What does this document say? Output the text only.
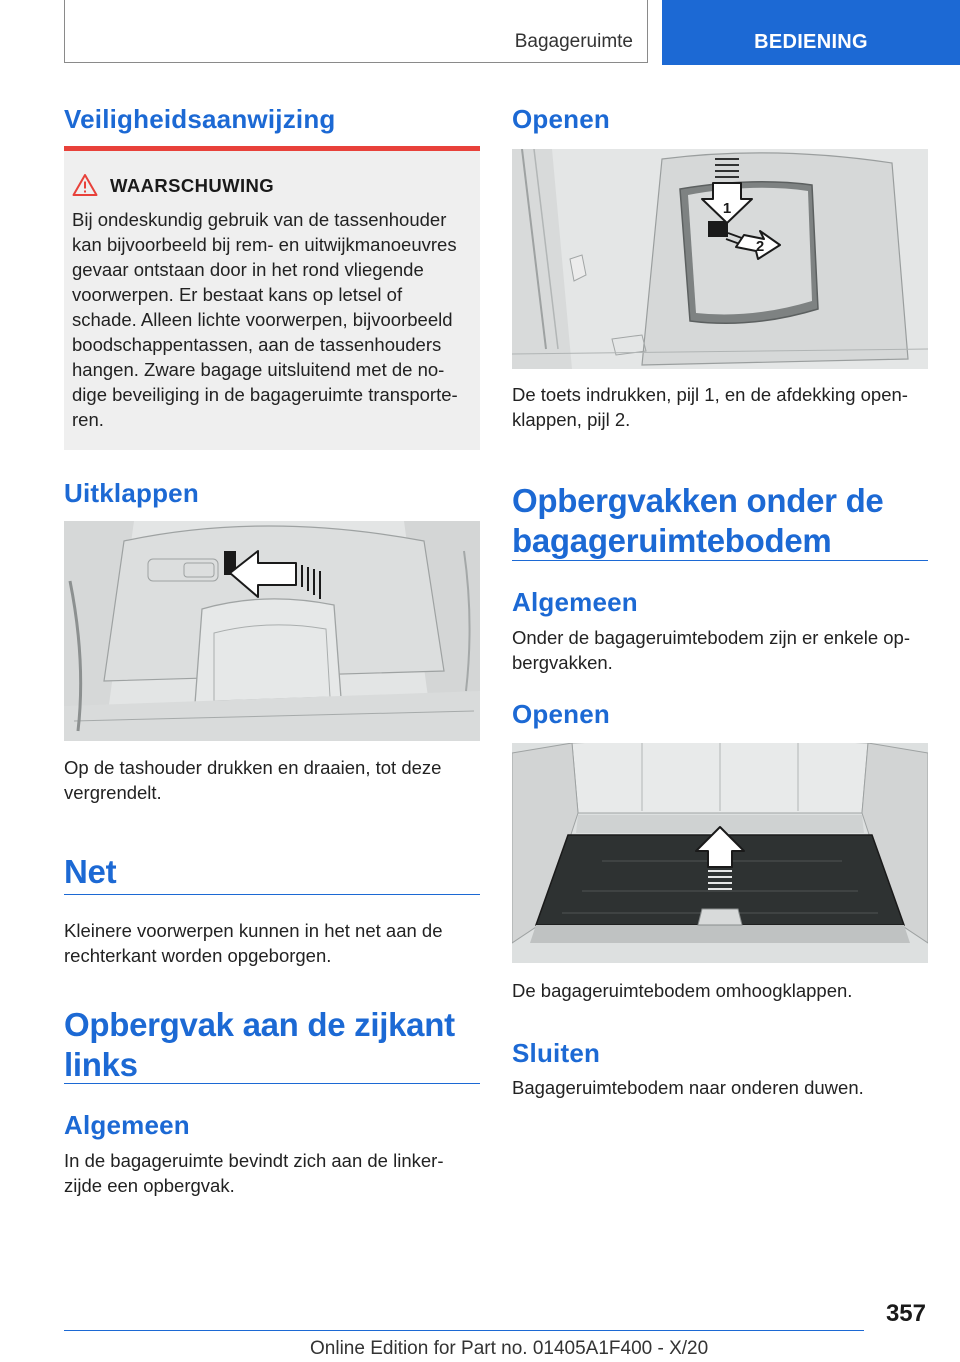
Bagageruimte	BEDIENING
Veiligheidsaanwijzing
WAARSCHUWING
Bij ondeskundig gebruik van de tassenhouder
kan bijvoorbeeld bij rem- en uitwijkmanoeuvres
gevaar ontstaan door in het rond vliegende
voorwerpen. Er bestaat kans op letsel of
schade. Alleen lichte voorwerpen, bijvoorbeeld
boodschappentassen, aan de tassenhouders
hangen. Zware bagage uitsluitend met de no-
dige beveiliging in de bagageruimte transporte-
ren.
Uitklappen
Op de tashouder drukken en draaien, tot deze
vergrendelt.
Net
Kleinere voorwerpen kunnen in het net aan de
rechterkant worden opgeborgen.
Opbergvak aan de zijkant
links
Algemeen
In de bagageruimte bevindt zich aan de linker-
zijde een opbergvak.
Openen
1
2
De toets indrukken, pijl 1, en de afdekking open-
klappen, pijl 2.
Opbergvakken onder de
bagageruimtebodem
Algemeen
Onder de bagageruimtebodem zijn er enkele op-
bergvakken.
Openen
De bagageruimtebodem omhoogklappen.
Sluiten
Bagageruimtebodem naar onderen duwen.
357
Online Edition for Part no. 01405A1F400 - X/20
